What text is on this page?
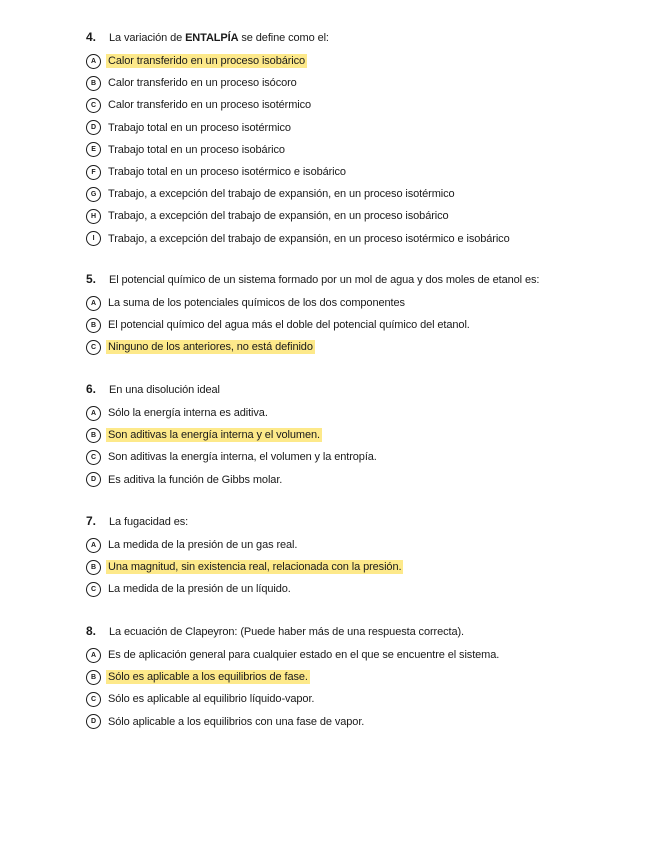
4.	La variación de ENTALPÍA se define como el:
A	Calor transferido en un proceso isobárico
B	Calor transferido en un proceso isócoro
C	Calor transferido en un proceso isotérmico
D	Trabajo total en un proceso isotérmico
E	Trabajo total en un proceso isobárico
F	Trabajo total en un proceso isotérmico e isobárico
G	Trabajo, a excepción del trabajo de expansión, en un proceso isotérmico
H	Trabajo, a excepción del trabajo de expansión, en un proceso isobárico
I	Trabajo, a excepción del trabajo de expansión, en un proceso isotérmico e isobárico
5.	El potencial químico de un sistema formado por un mol de agua y dos moles de etanol es:
A	La suma de los potenciales químicos de los dos componentes
B	El potencial químico del agua más el doble del potencial químico del etanol.
C	Ninguno de los anteriores, no está definido
6.	En una disolución ideal
A	Sólo la energía interna es aditiva.
B	Son aditivas la energía interna y el volumen.
C	Son aditivas la energía interna, el volumen y la entropía.
D	Es aditiva la función de Gibbs molar.
7.	La fugacidad es:
A	La medida de la presión de un gas real.
B	Una magnitud, sin existencia real, relacionada con la presión.
C	La medida de la presión de un líquido.
8.	La ecuación de Clapeyron: (Puede haber más de una respuesta correcta).
A	Es de aplicación general para cualquier estado en el que se encuentre el sistema.
B	Sólo es aplicable a los equilibrios de fase.
C	Sólo es aplicable al equilibrio líquido-vapor.
D	Sólo aplicable a los equilibrios con una fase de vapor.
